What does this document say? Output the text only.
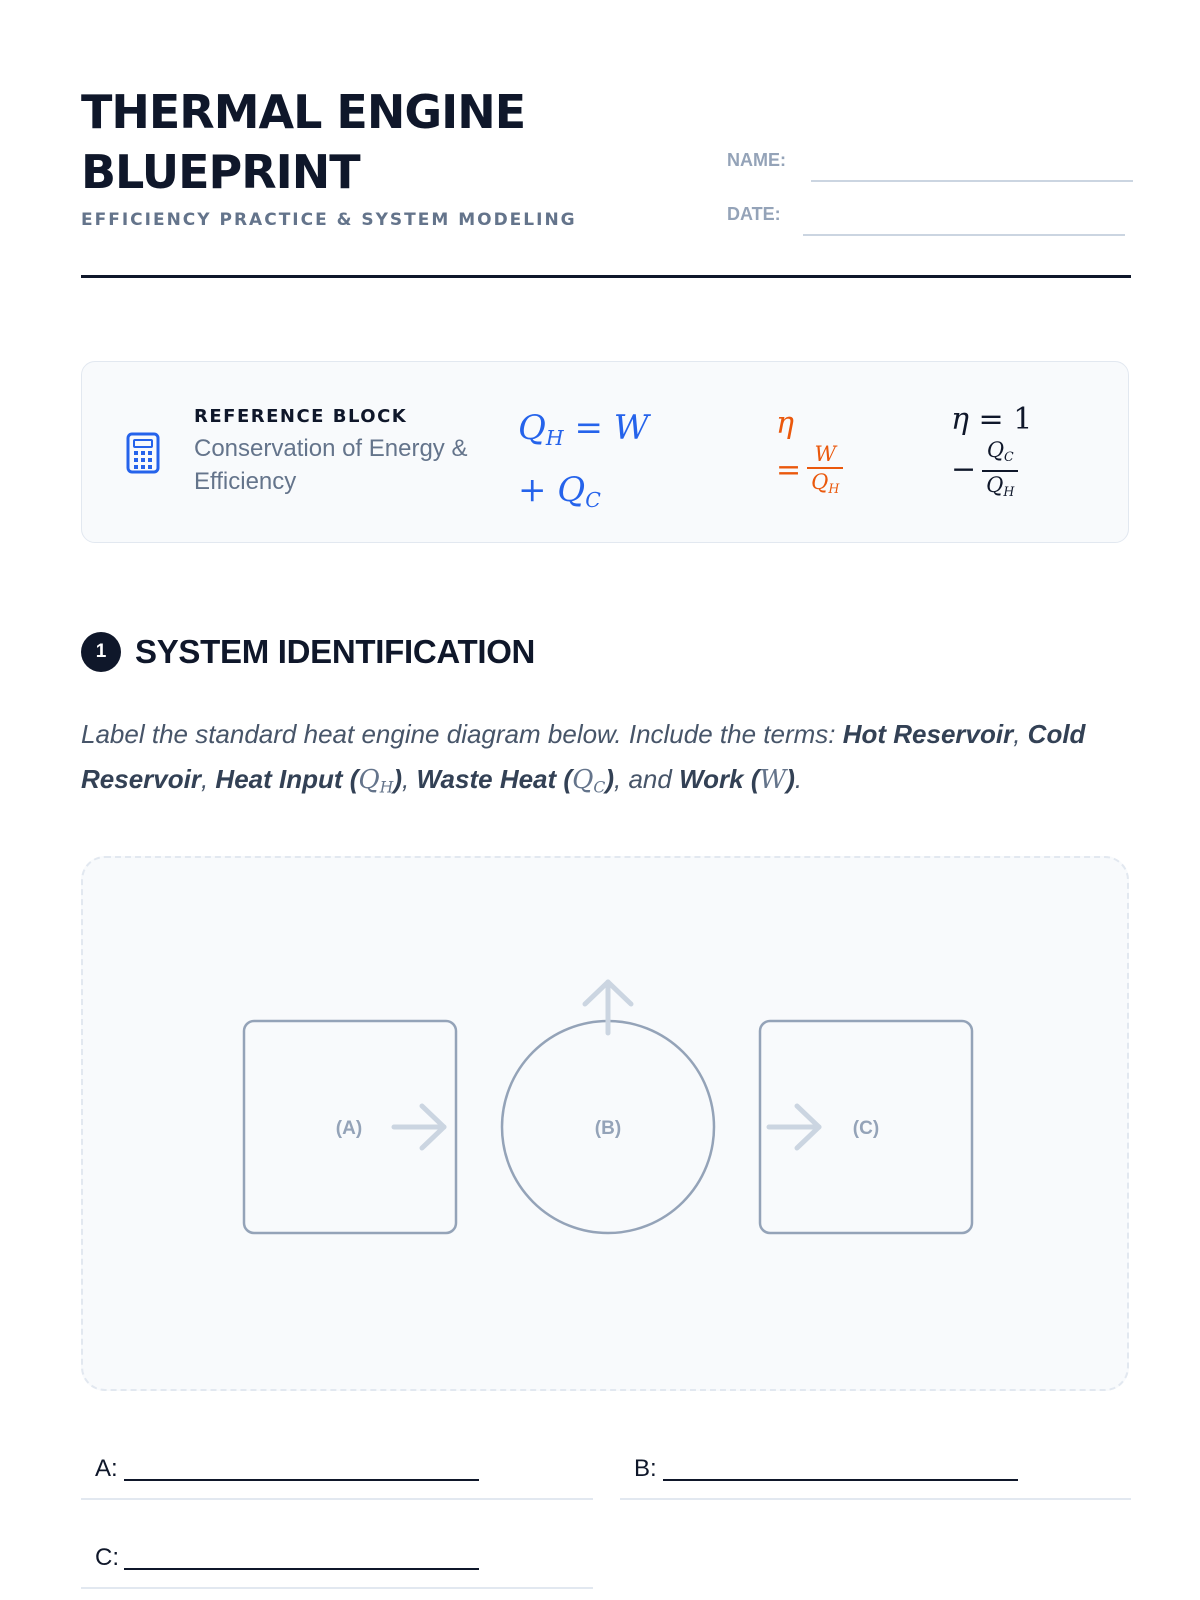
THERMAL ENGINE
BLUEPRINT
EFFICIENCY PRACTICE & SYSTEM MODELING
NAME:
DATE:
REFERENCE BLOCK
Conservation of Energy & Efficiency
$Q_H = W$
+ $Q_C$
η
= $\frac{W}{Q_H}$
η = 1
− $\frac{Q_C}{Q_H}$
1 SYSTEM IDENTIFICATION
Label the standard heat engine diagram below. Include the terms: Hot Reservoir, Cold Reservoir, Heat Input $(Q_H)$, Waste Heat $(Q_C)$, and Work (W).
(A)	(B)	(C)
A:	B:
C:
